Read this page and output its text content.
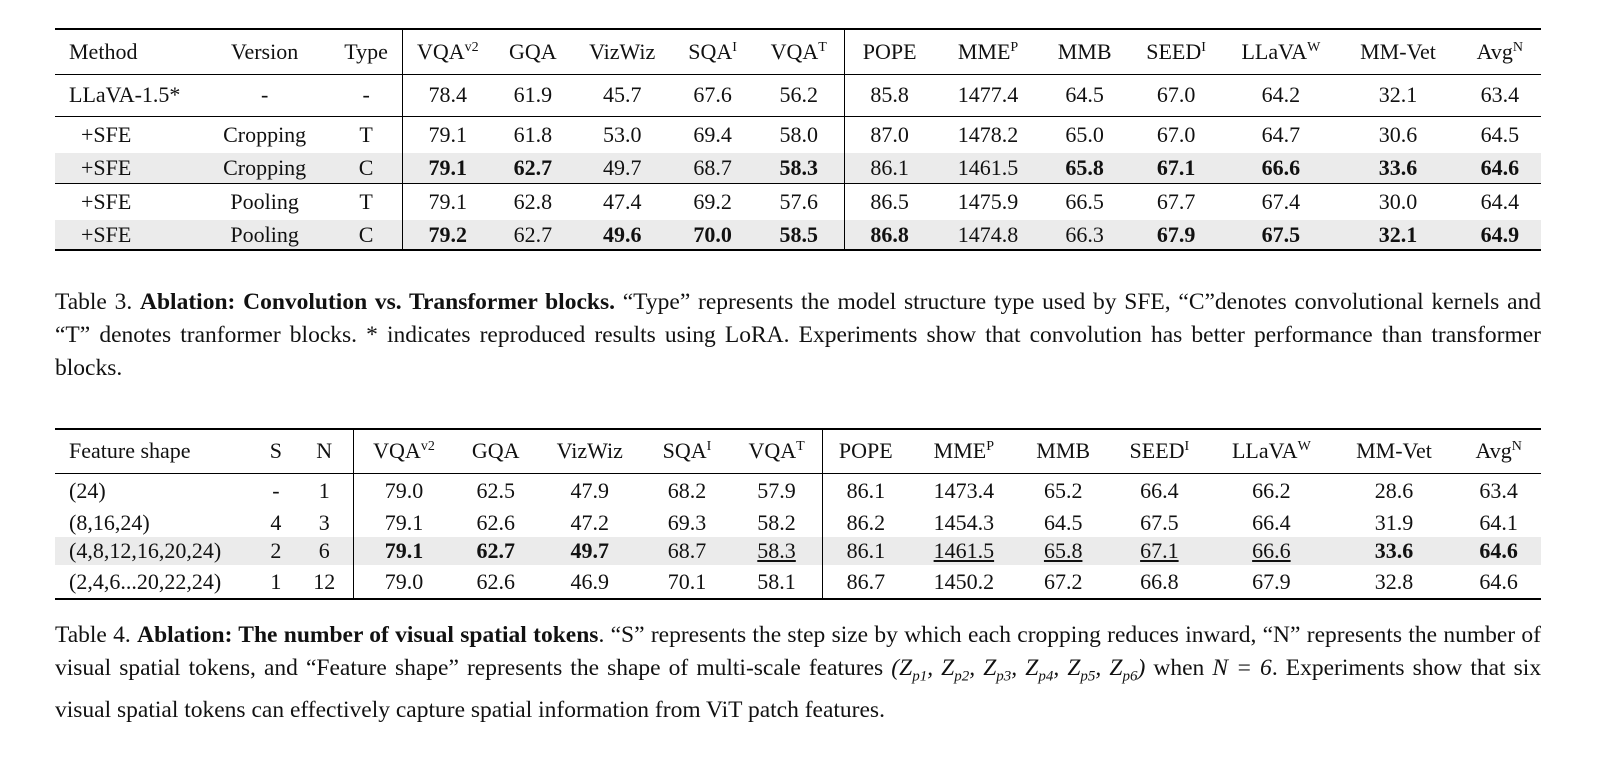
Method	Version	Type	$VQA^{v2}$	GQA	VizWiz	$SQA^I$	$VQA^T$	POPE	$MME^P$	MMB	$SEED^I$	LLaVA$^W$	MM-Vet	Avg$^N$
LLaVA-1.5*	-	-	78.4	61.9	45.7	67.6	56.2	85.8	1477.4	64.5	67.0	64.2	32.1	63.4
+SFE	Cropping	T	79.1	61.8	53.0	69.4	58.0	87.0	1478.2	65.0	67.0	64.7	30.6	64.5
+SFE	Cropping	C	79.1	62.7	49.7	68.7	58.3	86.1	1461.5	65.8	67.1	66.6	33.6	64.6
+SFE	Pooling	T	79.1	62.8	47.4	69.2	57.6	86.5	1475.9	66.5	67.7	67.4	30.0	64.4
+SFE	Pooling	C	79.2	62.7	49.6	70.0	58.5	86.8	1474.8	66.3	67.9	67.5	32.1	64.9
Table 3. Ablation: Convolution vs. Transformer blocks. “Type” represents the model structure type used by SFE, “C”denotes convolutional kernels and “T” denotes tranformer blocks. * indicates reproduced results using LoRA. Experiments show that convolution has better performance than transformer blocks.
Feature shape	S	N	$VQA^{v2}$	GQA	VizWiz	$SQA^I$	$VQA^T$	POPE	$MME^P$	MMB	$SEED^I$	LLaVA$^W$	MM-Vet	Avg$^N$
(24)	-	1	79.0	62.5	47.9	68.2	57.9	86.1	1473.4	65.2	66.4	66.2	28.6	63.4
(8,16,24)	4	3	79.1	62.6	47.2	69.3	58.2	86.2	1454.3	64.5	67.5	66.4	31.9	64.1
(4,8,12,16,20,24)	2	6	79.1	62.7	49.7	68.7	58.3	86.1	1461.5	65.8	67.1	66.6	33.6	64.6
(2,4,6...20,22,24)	1	12	79.0	62.6	46.9	70.1	58.1	86.7	1450.2	67.2	66.8	67.9	32.8	64.6
Table 4. Ablation: The number of visual spatial tokens. “S” represents the step size by which each cropping reduces inward, “N” represents the number of visual spatial tokens, and “Feature shape” represents the shape of multi-scale features ($Z_{p1}$, $Z_{p2}$, $Z_{p3}$, $Z_{p4}$, $Z_{p5}$, $Z_{p6}$) when N = 6. Experiments show that six visual spatial tokens can effectively capture spatial information from ViT patch features.
